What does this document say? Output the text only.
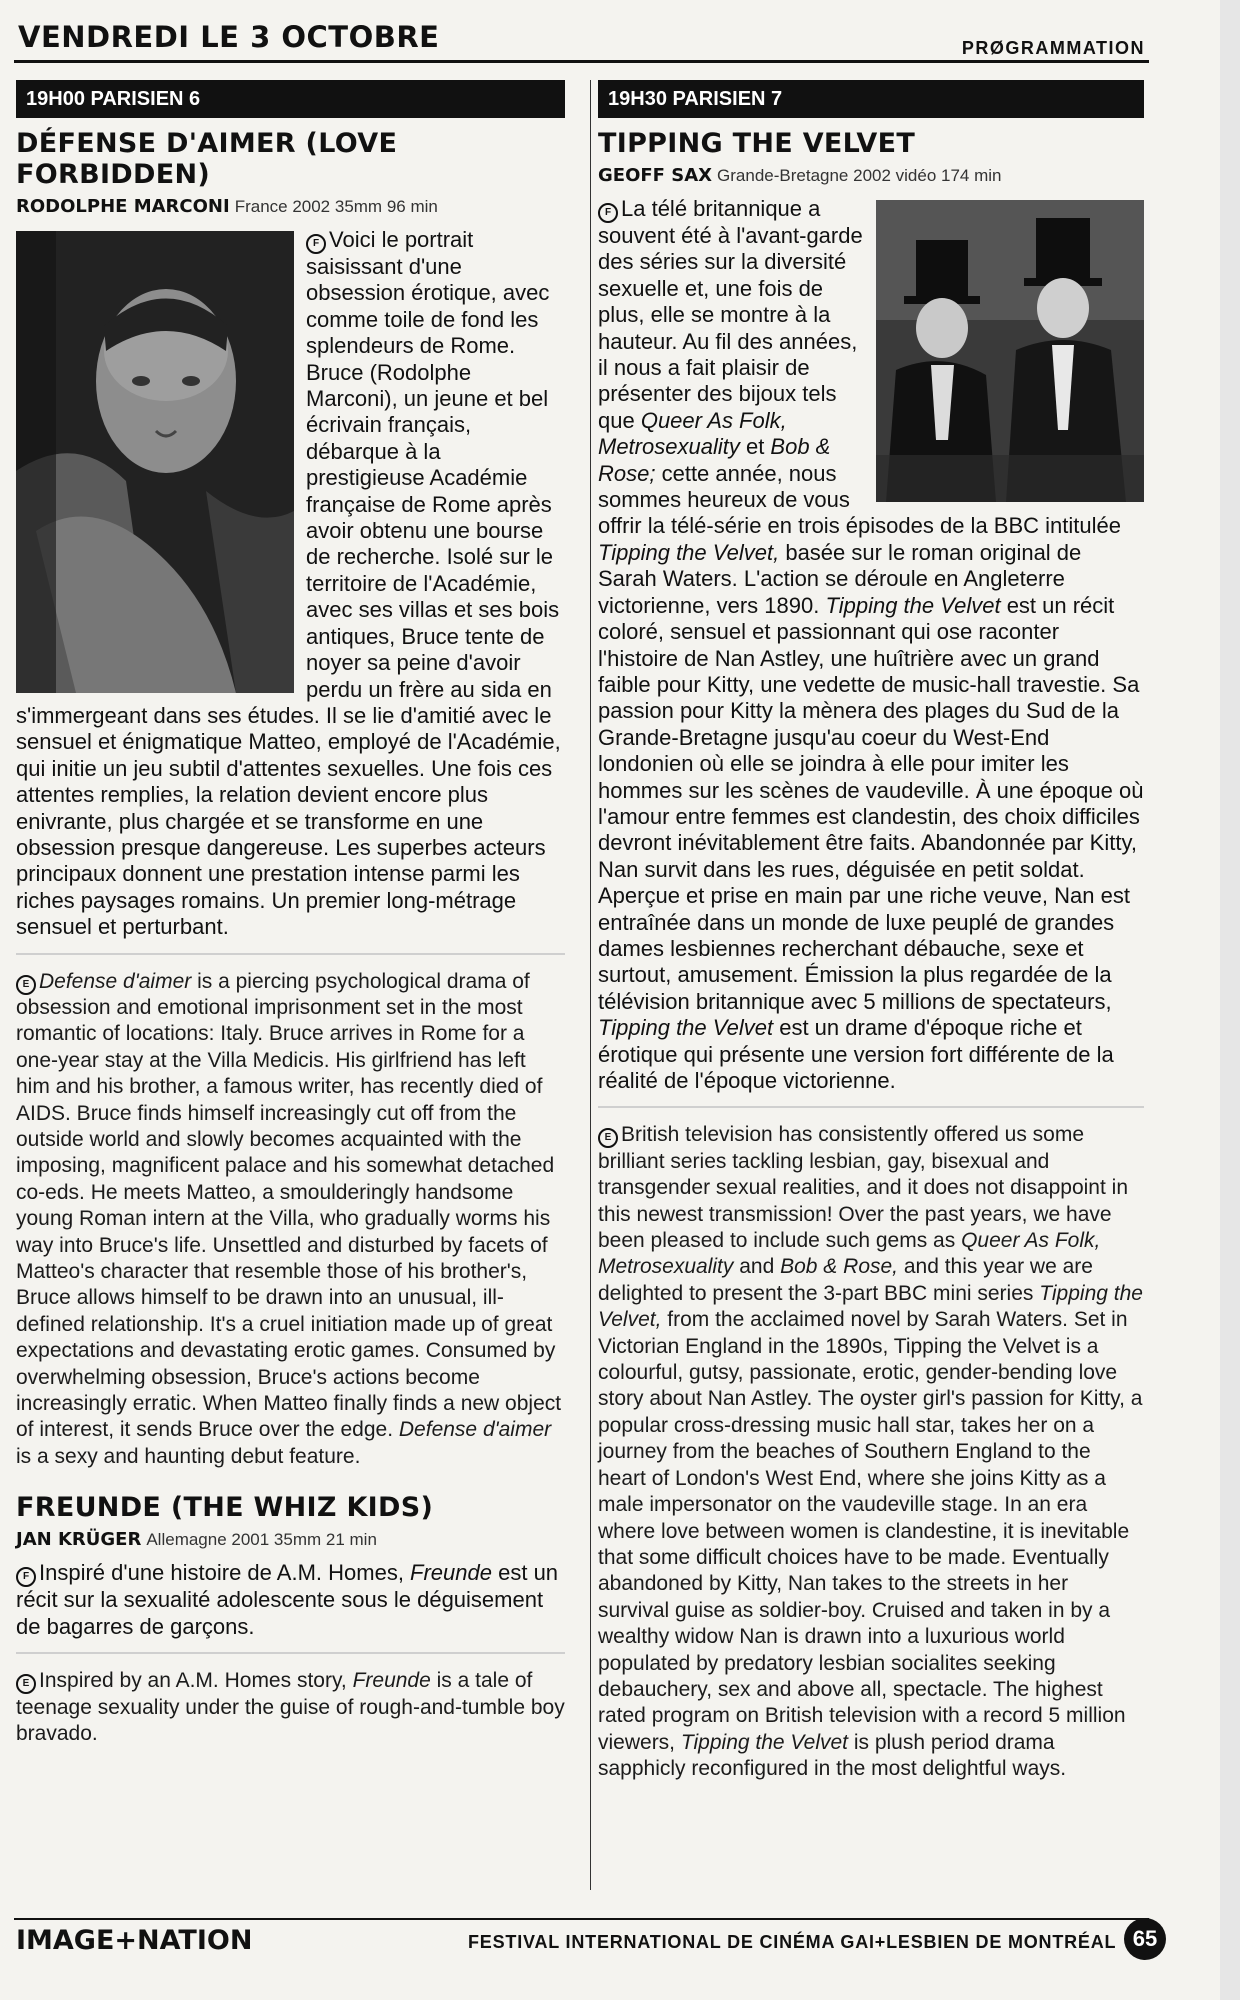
VENDREDI LE 3 OCTOBRE	PRØGRAMMATION
19H00 PARISIEN 6
DÉFENSE D'AIMER (LOVE FORBIDDEN)
RODOLPHE MARCONI France 2002 35mm 96 min

F Voici le portrait saisissant d'une obsession érotique, avec comme toile de fond les splendeurs de Rome. Bruce (Rodolphe Marconi), un jeune et bel écrivain français, débarque à la prestigieuse Académie française de Rome après avoir obtenu une bourse de recherche. Isolé sur le territoire de l'Académie, avec ses villas et ses bois antiques, Bruce tente de noyer sa peine d'avoir perdu un frère au sida en s'immergeant dans ses études. Il se lie d'amitié avec le sensuel et énigmatique Matteo, employé de l'Académie, qui initie un jeu subtil d'attentes sexuelles. Une fois ces attentes remplies, la relation devient encore plus enivrante, plus chargée et se transforme en une obsession presque dangereuse. Les superbes acteurs principaux donnent une prestation intense parmi les riches paysages romains. Un premier long-métrage sensuel et perturbant.

E Defense d'aimer is a piercing psychological drama of obsession and emotional imprisonment set in the most romantic of locations: Italy. Bruce arrives in Rome for a one-year stay at the Villa Medicis. His girlfriend has left him and his brother, a famous writer, has recently died of AIDS. Bruce finds himself increasingly cut off from the outside world and slowly becomes acquainted with the imposing, magnificent palace and his somewhat detached co-eds. He meets Matteo, a smoulderingly handsome young Roman intern at the Villa, who gradually worms his way into Bruce's life. Unsettled and disturbed by facets of Matteo's character that resemble those of his brother's, Bruce allows himself to be drawn into an unusual, ill-defined relationship. It's a cruel initiation made up of great expectations and devastating erotic games. Consumed by overwhelming obsession, Bruce's actions become increasingly erratic. When Matteo finally finds a new object of interest, it sends Bruce over the edge. Defense d'aimer is a sexy and haunting debut feature.

FREUNDE (THE WHIZ KIDS)
JAN KRÜGER Allemagne 2001 35mm 21 min

F Inspiré d'une histoire de A.M. Homes, Freunde est un récit sur la sexualité adolescente sous le déguisement de bagarres de garçons.

E Inspired by an A.M. Homes story, Freunde is a tale of teenage sexuality under the guise of rough-and-tumble boy bravado.

19H30 PARISIEN 7
TIPPING THE VELVET
GEOFF SAX Grande-Bretagne 2002 vidéo 174 min

F La télé britannique a souvent été à l'avant-garde des séries sur la diversité sexuelle et, une fois de plus, elle se montre à la hauteur. Au fil des années, il nous a fait plaisir de présenter des bijoux tels que Queer As Folk, Metrosexuality et Bob & Rose; cette année, nous sommes heureux de vous offrir la télé-série en trois épisodes de la BBC intitulée Tipping the Velvet, basée sur le roman original de Sarah Waters. L'action se déroule en Angleterre victorienne, vers 1890. Tipping the Velvet est un récit coloré, sensuel et passionnant qui ose raconter l'histoire de Nan Astley, une huîtrière avec un grand faible pour Kitty, une vedette de music-hall travestie. Sa passion pour Kitty la mènera des plages du Sud de la Grande-Bretagne jusqu'au coeur du West-End londonien où elle se joindra à elle pour imiter les hommes sur les scènes de vaudeville. À une époque où l'amour entre femmes est clandestin, des choix difficiles devront inévitablement être faits. Abandonnée par Kitty, Nan survit dans les rues, déguisée en petit soldat. Aperçue et prise en main par une riche veuve, Nan est entraînée dans un monde de luxe peuplé de grandes dames lesbiennes recherchant débauche, sexe et surtout, amusement. Émission la plus regardée de la télévision britannique avec 5 millions de spectateurs, Tipping the Velvet est un drame d'époque riche et érotique qui présente une version fort différente de la réalité de l'époque victorienne.

E British television has consistently offered us some brilliant series tackling lesbian, gay, bisexual and transgender sexual realities, and it does not disappoint in this newest transmission! Over the past years, we have been pleased to include such gems as Queer As Folk, Metrosexuality and Bob & Rose, and this year we are delighted to present the 3-part BBC mini series Tipping the Velvet, from the acclaimed novel by Sarah Waters. Set in Victorian England in the 1890s, Tipping the Velvet is a colourful, gutsy, passionate, erotic, gender-bending love story about Nan Astley. The oyster girl's passion for Kitty, a popular cross-dressing music hall star, takes her on a journey from the beaches of Southern England to the heart of London's West End, where she joins Kitty as a male impersonator on the vaudeville stage. In an era where love between women is clandestine, it is inevitable that some difficult choices have to be made. Eventually abandoned by Kitty, Nan takes to the streets in her survival guise as soldier-boy. Cruised and taken in by a wealthy widow Nan is drawn into a luxurious world populated by predatory lesbian socialites seeking debauchery, sex and above all, spectacle. The highest rated program on British television with a record 5 million viewers, Tipping the Velvet is plush period drama sapphicly reconfigured in the most delightful ways.

IMAGE+NATION	FESTIVAL INTERNATIONAL DE CINÉMA GAI+LESBIEN DE MONTRÉAL 65
